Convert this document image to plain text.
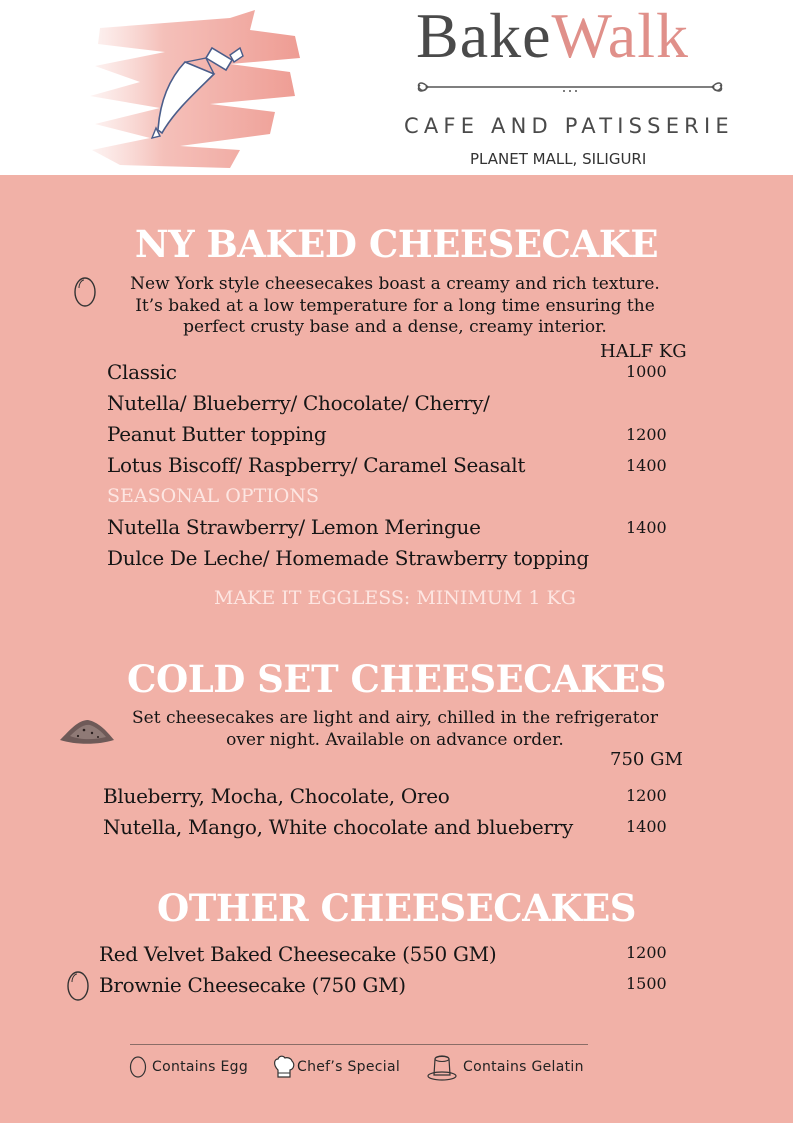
BakeWalk
CAFE AND PATISSERIE
PLANET MALL, SILIGURI
NY BAKED CHEESECAKE
New York style cheesecakes boast a creamy and rich texture.
It’s baked at a low temperature for a long time ensuring the
perfect crusty base and a dense, creamy interior.
HALF KG
Classic	1000
Nutella/ Blueberry/ Chocolate/ Cherry/
Peanut Butter topping	1200
Lotus Biscoff/ Raspberry/ Caramel Seasalt	1400
SEASONAL OPTIONS
Nutella Strawberry/ Lemon Meringue	1400
Dulce De Leche/ Homemade Strawberry topping
MAKE IT EGGLESS: MINIMUM 1 KG
COLD SET CHEESECAKES
Set cheesecakes are light and airy, chilled in the refrigerator
over night. Available on advance order.
750 GM
Blueberry, Mocha, Chocolate, Oreo	1200
Nutella, Mango, White chocolate and blueberry	1400
OTHER CHEESECAKES
Red Velvet Baked Cheesecake (550 GM)	1200
Brownie Cheesecake (750 GM)	1500
Contains Egg	Chef’s Special	Contains Gelatin
